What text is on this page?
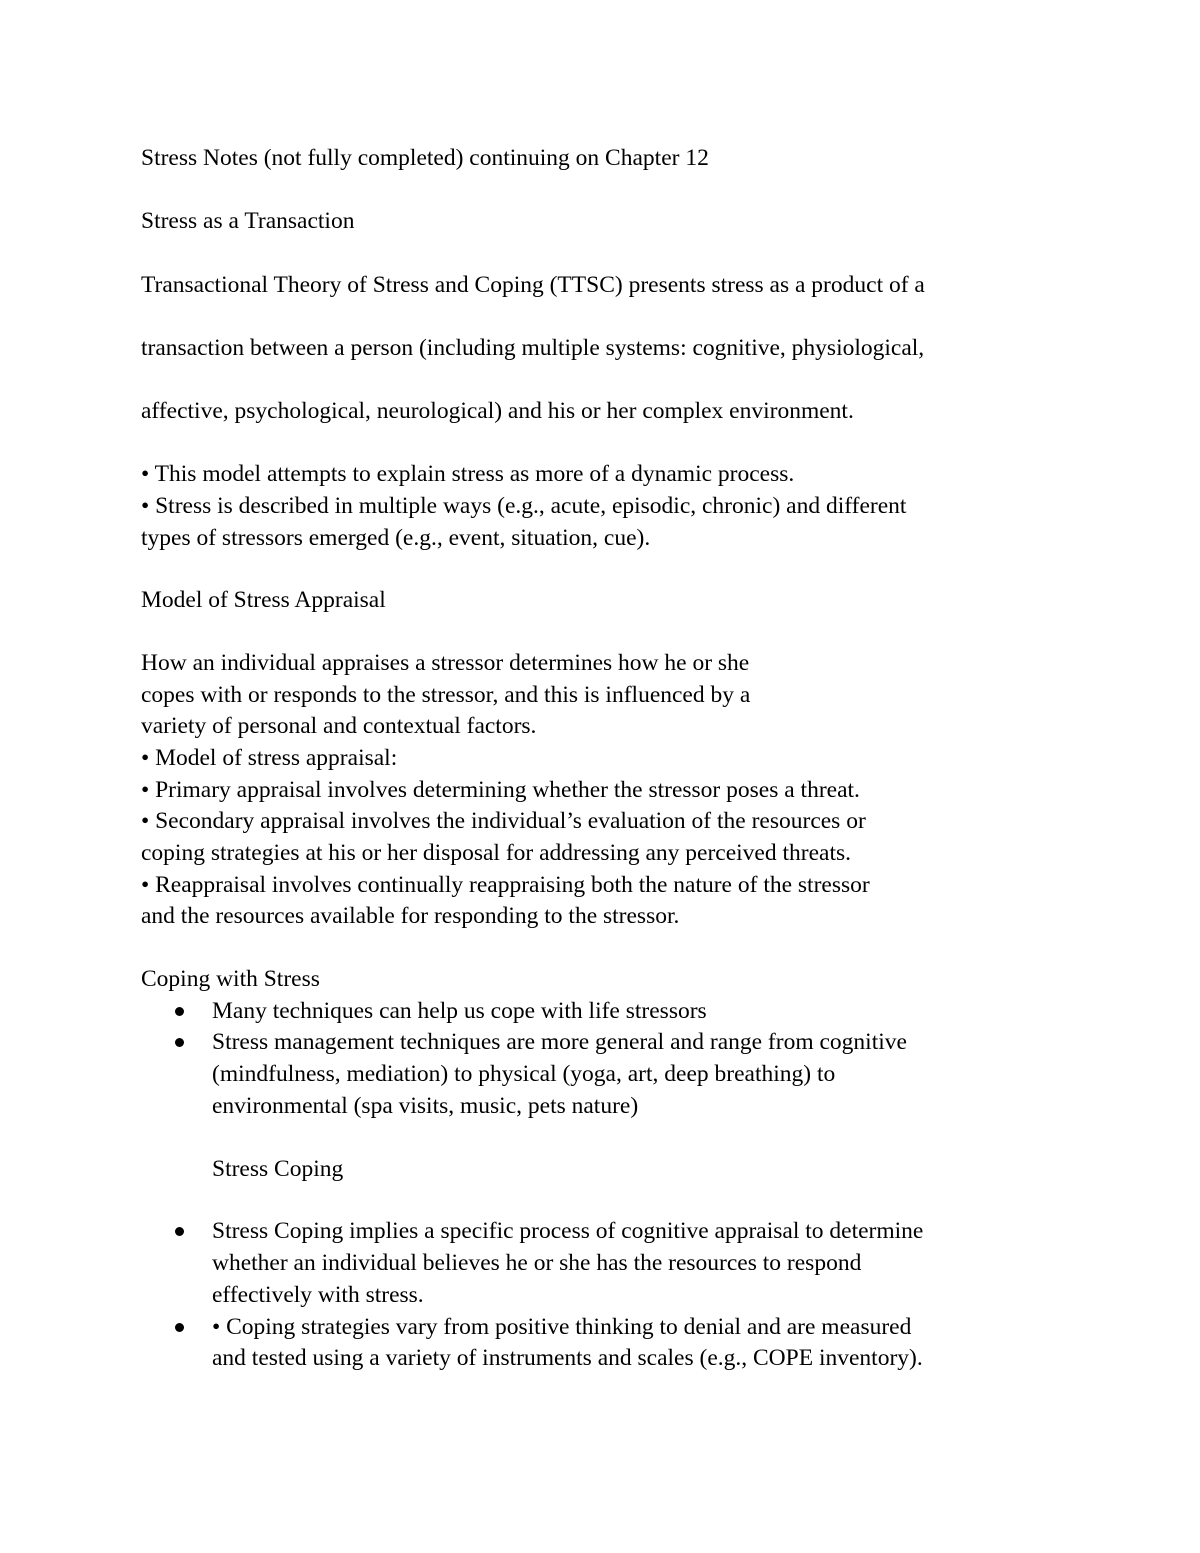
Stress Notes (not fully completed) continuing on Chapter 12
Stress as a Transaction
Transactional Theory of Stress and Coping (TTSC) presents stress as a product of a
transaction between a person (including multiple systems: cognitive, physiological,
affective, psychological, neurological) and his or her complex environment.
• This model attempts to explain stress as more of a dynamic process.
• Stress is described in multiple ways (e.g., acute, episodic, chronic) and different
types of stressors emerged (e.g., event, situation, cue).
Model of Stress Appraisal
How an individual appraises a stressor determines how he or she
copes with or responds to the stressor, and this is influenced by a
variety of personal and contextual factors.
• Model of stress appraisal:
• Primary appraisal involves determining whether the stressor poses a threat.
• Secondary appraisal involves the individual’s evaluation of the resources or
coping strategies at his or her disposal for addressing any perceived threats.
• Reappraisal involves continually reappraising both the nature of the stressor
and the resources available for responding to the stressor.
Coping with Stress
Many techniques can help us cope with life stressors
Stress management techniques are more general and range from cognitive
(mindfulness, mediation) to physical (yoga, art, deep breathing) to
environmental (spa visits, music, pets nature)
Stress Coping
Stress Coping implies a specific process of cognitive appraisal to determine
whether an individual believes he or she has the resources to respond
effectively with stress.
• Coping strategies vary from positive thinking to denial and are measured
and tested using a variety of instruments and scales (e.g., COPE inventory).
